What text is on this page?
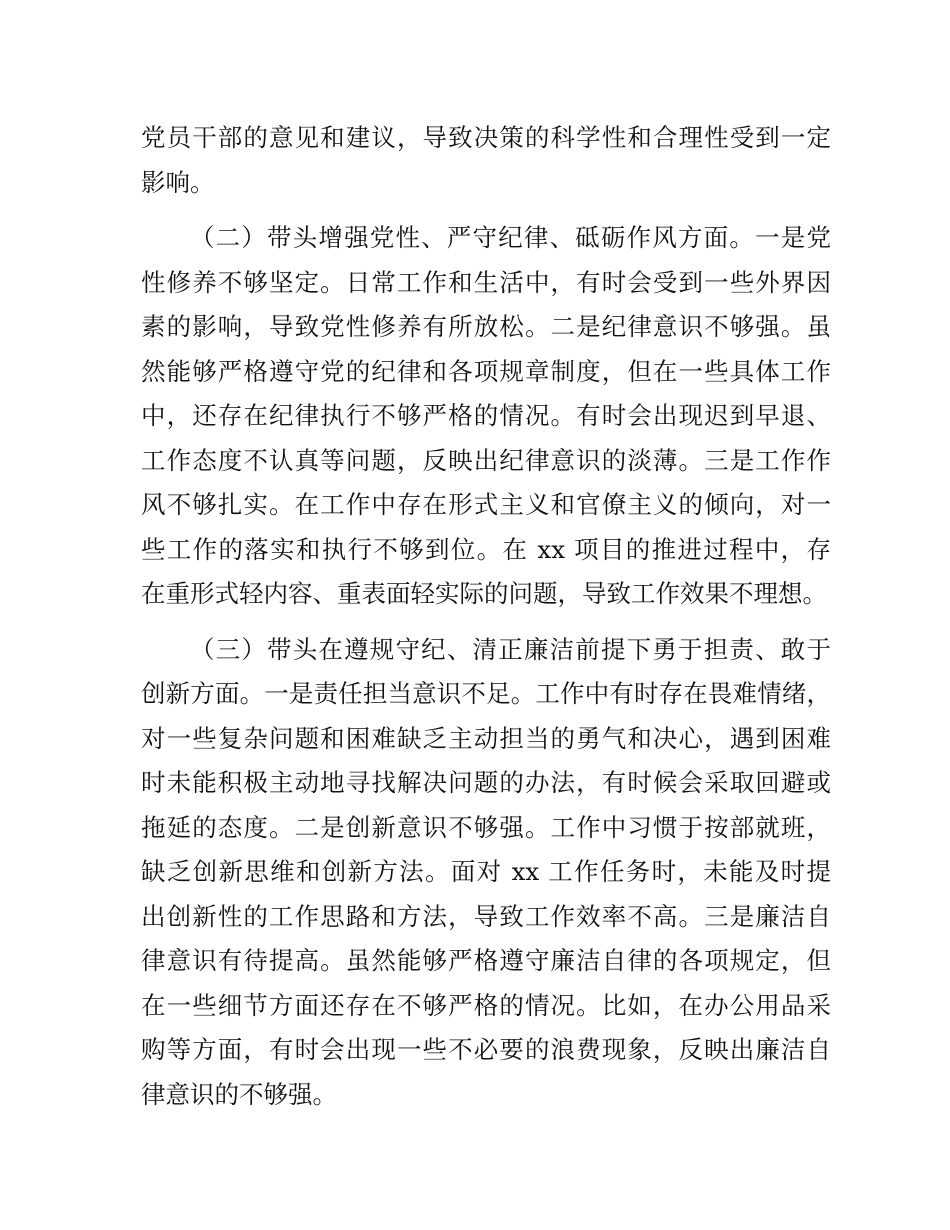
党员干部的意见和建议，导致决策的科学性和合理性受到一定
影响。
（二）带头增强党性、严守纪律、砥砺作风方面。一是党
性修养不够坚定。日常工作和生活中，有时会受到一些外界因
素的影响，导致党性修养有所放松。二是纪律意识不够强。虽
然能够严格遵守党的纪律和各项规章制度，但在一些具体工作
中，还存在纪律执行不够严格的情况。有时会出现迟到早退、
工作态度不认真等问题，反映出纪律意识的淡薄。三是工作作
风不够扎实。在工作中存在形式主义和官僚主义的倾向，对一
些工作的落实和执行不够到位。在 xx 项目的推进过程中，存
在重形式轻内容、重表面轻实际的问题，导致工作效果不理想。
（三）带头在遵规守纪、清正廉洁前提下勇于担责、敢于
创新方面。一是责任担当意识不足。工作中有时存在畏难情绪，
对一些复杂问题和困难缺乏主动担当的勇气和决心，遇到困难
时未能积极主动地寻找解决问题的办法，有时候会采取回避或
拖延的态度。二是创新意识不够强。工作中习惯于按部就班，
缺乏创新思维和创新方法。面对 xx 工作任务时，未能及时提
出创新性的工作思路和方法，导致工作效率不高。三是廉洁自
律意识有待提高。虽然能够严格遵守廉洁自律的各项规定，但
在一些细节方面还存在不够严格的情况。比如，在办公用品采
购等方面，有时会出现一些不必要的浪费现象，反映出廉洁自
律意识的不够强。
